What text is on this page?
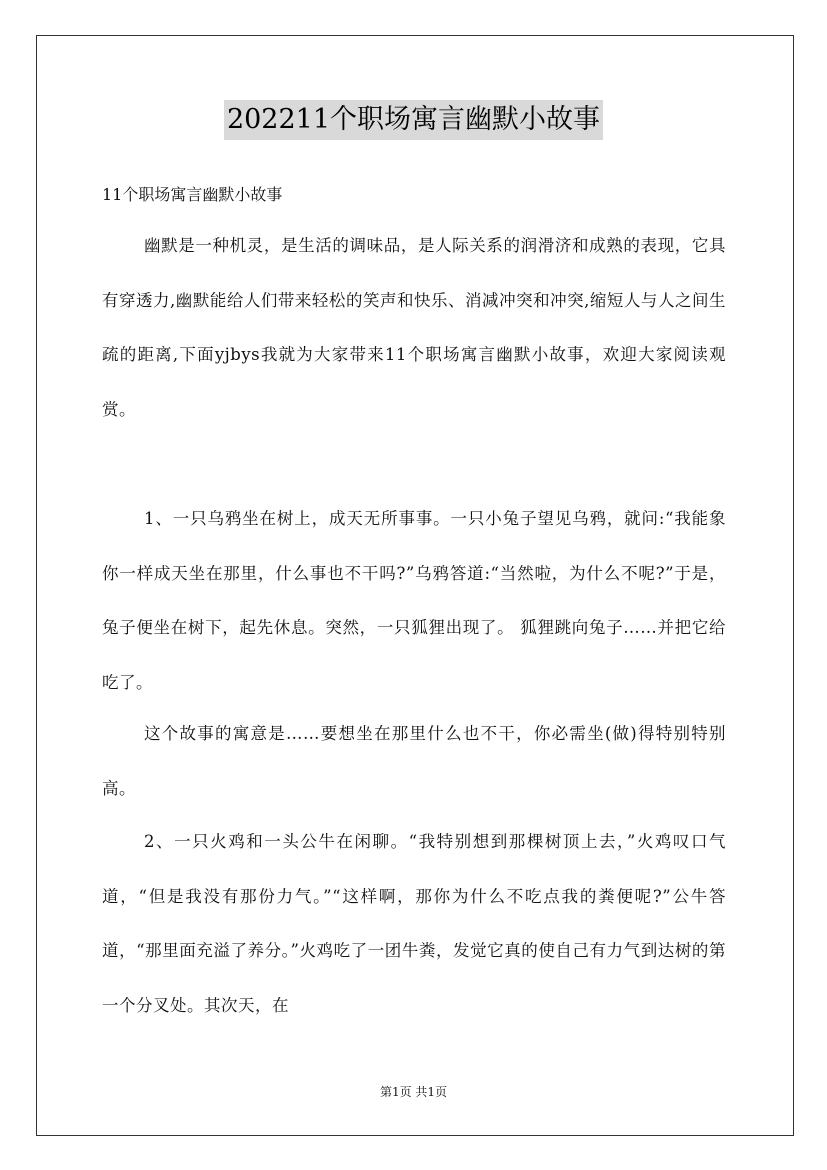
202211个职场寓言幽默小故事
11个职场寓言幽默小故事

幽默是一种机灵，是生活的调味品，是人际关系的润滑济和成熟的表现，它具有穿透力,幽默能给人们带来轻松的笑声和快乐、消减冲突和冲突,缩短人与人之间生疏的距离,下面yjbys我就为大家带来11个职场寓言幽默小故事，欢迎大家阅读观赏。

1、一只乌鸦坐在树上，成天无所事事。一只小兔子望见乌鸦，就问:“我能象你一样成天坐在那里，什么事也不干吗?”乌鸦答道:“当然啦，为什么不呢?”于是，兔子便坐在树下，起先休息。突然，一只狐狸出现了。 狐狸跳向兔子……并把它给吃了。

这个故事的寓意是……要想坐在那里什么也不干，你必需坐(做)得特别特别高。

2、一只火鸡和一头公牛在闲聊。“我特别想到那棵树顶上去，”火鸡叹口气道，“但是我没有那份力气。”“这样啊，那你为什么不吃点我的粪便呢?”公牛答道，“那里面充溢了养分。”火鸡吃了一团牛粪，发觉它真的使自己有力气到达树的第一个分叉处。其次天，在

第1页 共1页
